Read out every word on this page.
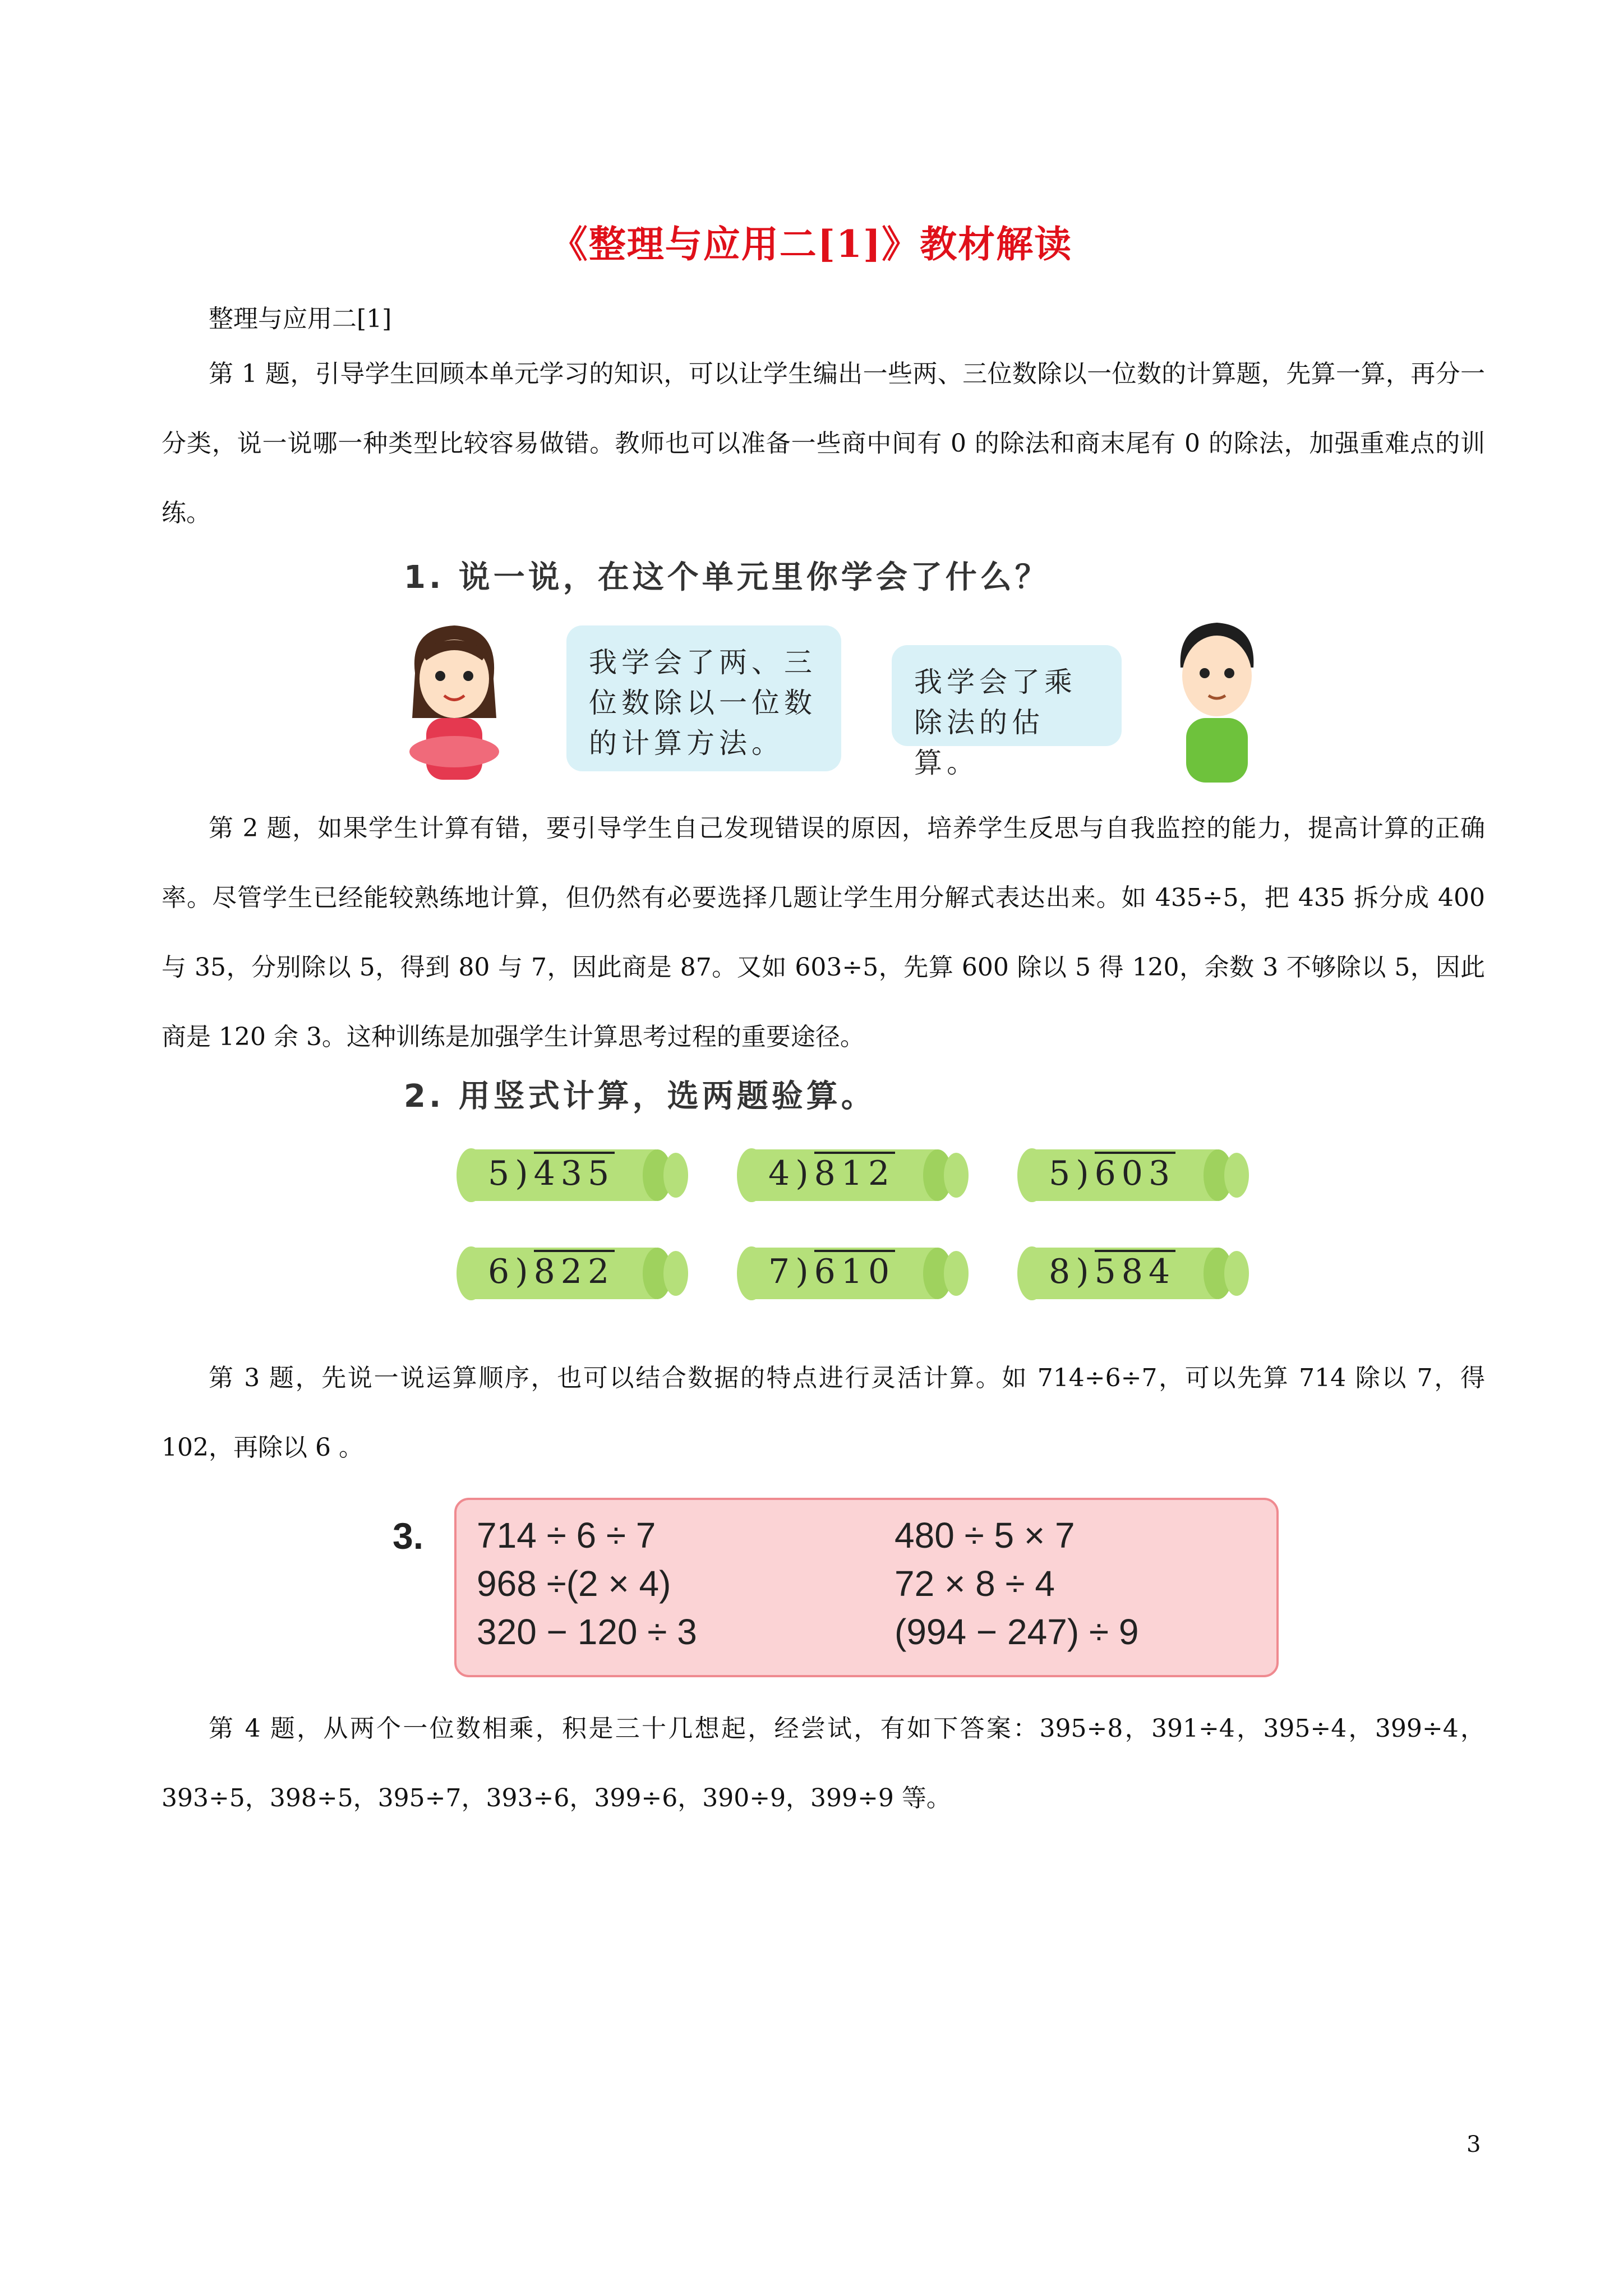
《整理与应用二[1]》教材解读
整理与应用二[1]
第 1 题，引导学生回顾本单元学习的知识，可以让学生编出一些两、三位数除以一位数的计算题，先算一算，再分一分类，说一说哪一种类型比较容易做错。教师也可以准备一些商中间有 0 的除法和商末尾有 0 的除法，加强重难点的训练。
1. 说一说，在这个单元里你学会了什么？
我学会了两、三位数除以一位数的计算方法。
我学会了乘除法的估算。
第 2 题，如果学生计算有错，要引导学生自己发现错误的原因，培养学生反思与自我监控的能力，提高计算的正确率。尽管学生已经能较熟练地计算，但仍然有必要选择几题让学生用分解式表达出来。如 435÷5，把 435 拆分成 400 与 35，分别除以 5，得到 80 与 7，因此商是 87。又如 603÷5，先算 600 除以 5 得 120，余数 3 不够除以 5，因此商是 120 余 3。这种训练是加强学生计算思考过程的重要途径。
2. 用竖式计算，选两题验算。
5)435	4)812	5)603
6)822	7)610	8)584
第 3 题，先说一说运算顺序，也可以结合数据的特点进行灵活计算。如 714÷6÷7，可以先算 714 除以 7，得 102，再除以 6 。
3. 714 ÷ 6 ÷ 7	480 ÷ 5 × 7
968 ÷(2 × 4)	72 × 8 ÷ 4
320 − 120 ÷ 3	(994 − 247) ÷ 9
第 4 题，从两个一位数相乘，积是三十几想起，经尝试，有如下答案：395÷8，391÷4，395÷4，399÷4，393÷5，398÷5，395÷7，393÷6，399÷6，390÷9，399÷9 等。
3
